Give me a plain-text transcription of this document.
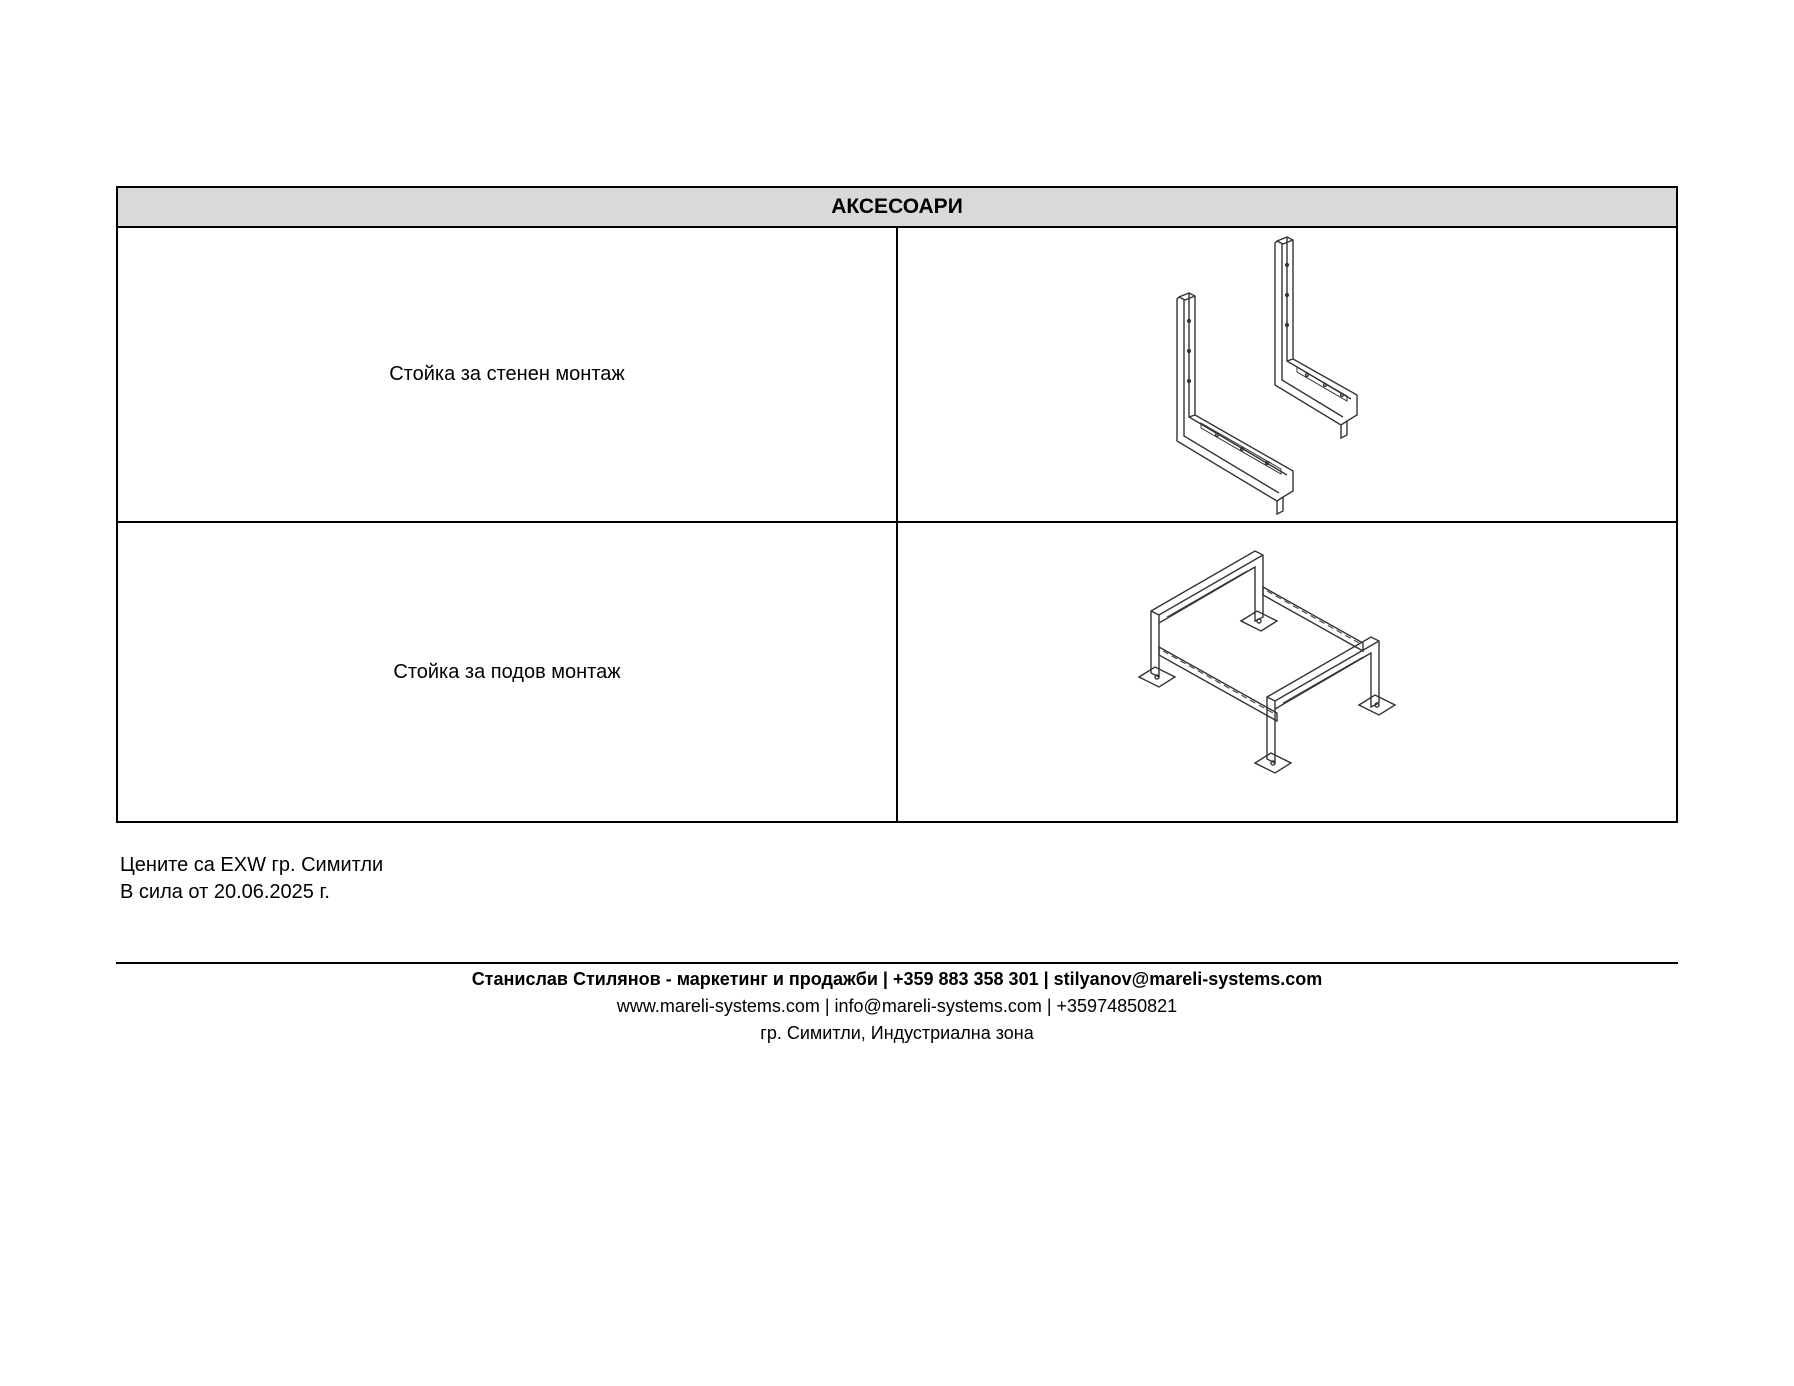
АКСЕСОАРИ	
Стойка за стенен монтаж	

Стойка за подов монтаж	
Цените са EXW гр. Симитли
В сила от 20.06.2025 г.
Станислав Стилянов - маркетинг и продажби | +359 883 358 301 | stilyanov@mareli-systems.com
www.mareli-systems.com | info@mareli-systems.com | +35974850821
гр. Симитли, Индустриална зона
